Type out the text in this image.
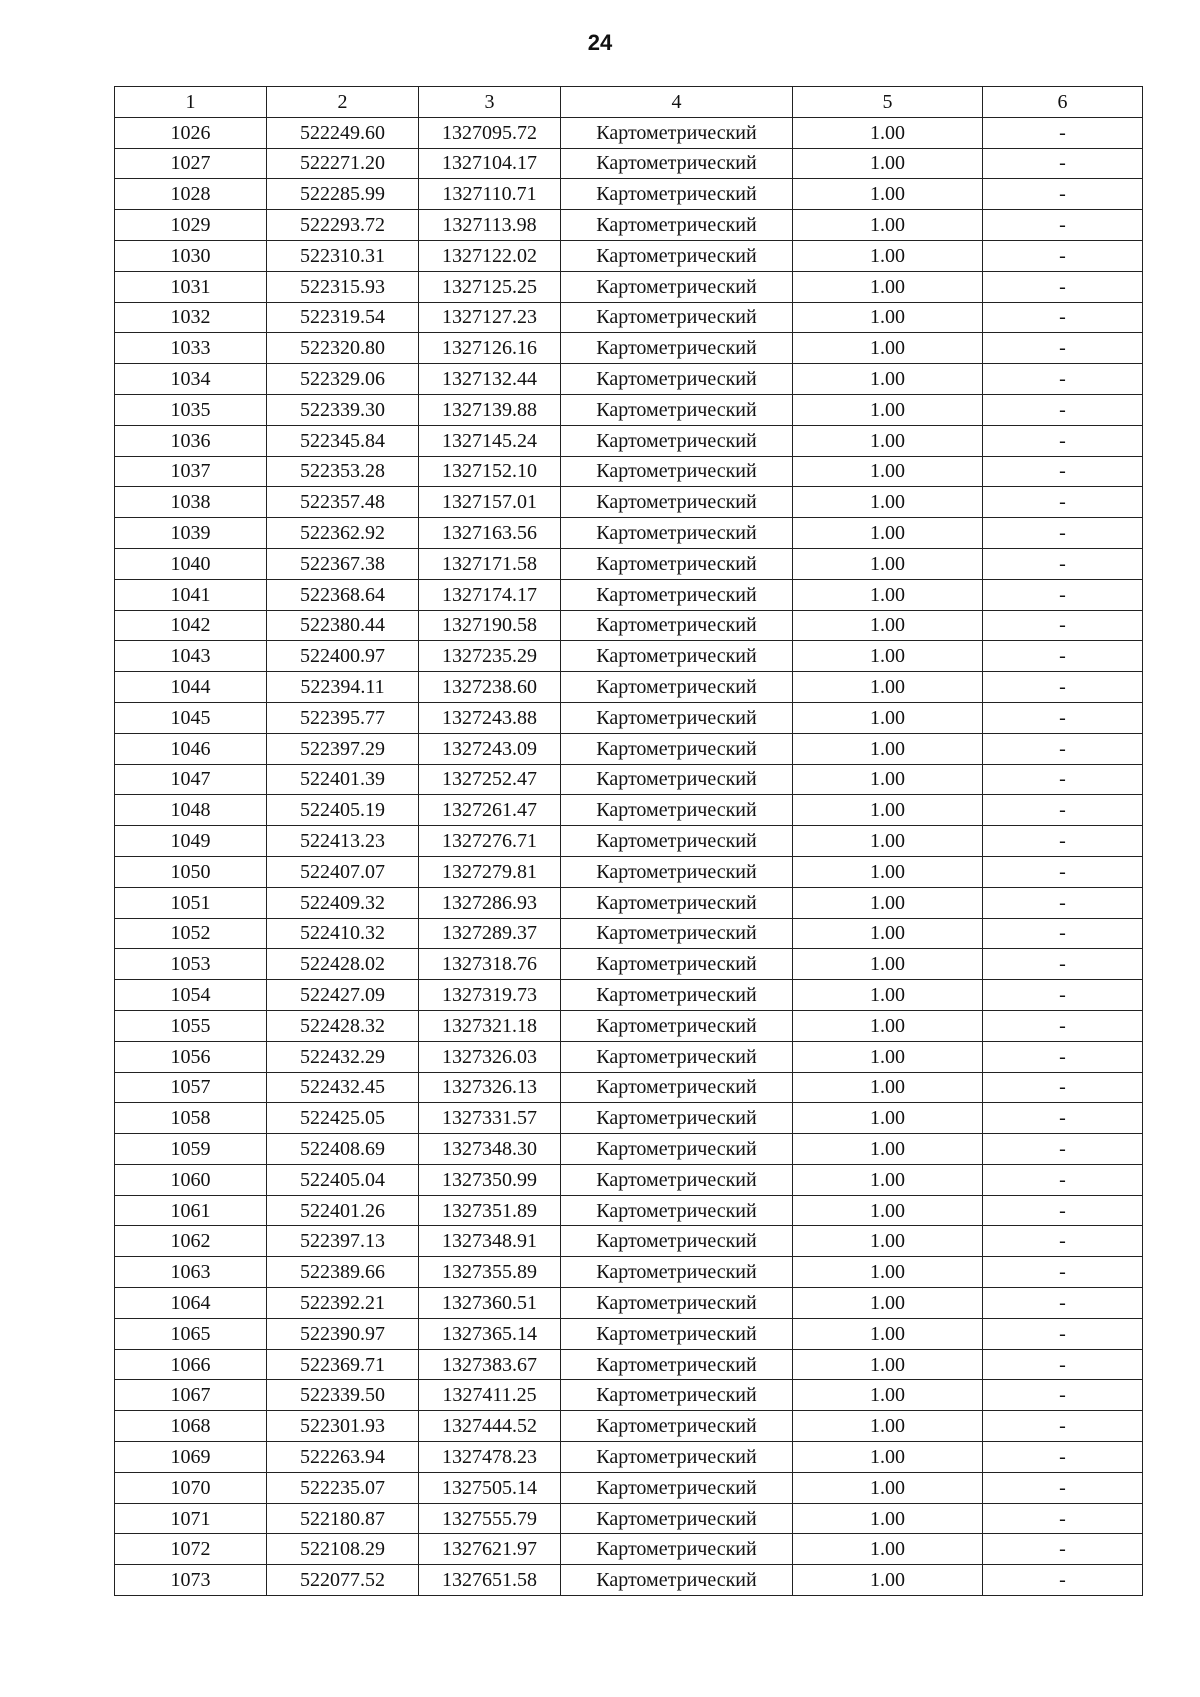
24
1	2	3	4	5	6
1026	522249.60	1327095.72	Картометрический	1.00	-
1027	522271.20	1327104.17	Картометрический	1.00	-
1028	522285.99	1327110.71	Картометрический	1.00	-
1029	522293.72	1327113.98	Картометрический	1.00	-
1030	522310.31	1327122.02	Картометрический	1.00	-
1031	522315.93	1327125.25	Картометрический	1.00	-
1032	522319.54	1327127.23	Картометрический	1.00	-
1033	522320.80	1327126.16	Картометрический	1.00	-
1034	522329.06	1327132.44	Картометрический	1.00	-
1035	522339.30	1327139.88	Картометрический	1.00	-
1036	522345.84	1327145.24	Картометрический	1.00	-
1037	522353.28	1327152.10	Картометрический	1.00	-
1038	522357.48	1327157.01	Картометрический	1.00	-
1039	522362.92	1327163.56	Картометрический	1.00	-
1040	522367.38	1327171.58	Картометрический	1.00	-
1041	522368.64	1327174.17	Картометрический	1.00	-
1042	522380.44	1327190.58	Картометрический	1.00	-
1043	522400.97	1327235.29	Картометрический	1.00	-
1044	522394.11	1327238.60	Картометрический	1.00	-
1045	522395.77	1327243.88	Картометрический	1.00	-
1046	522397.29	1327243.09	Картометрический	1.00	-
1047	522401.39	1327252.47	Картометрический	1.00	-
1048	522405.19	1327261.47	Картометрический	1.00	-
1049	522413.23	1327276.71	Картометрический	1.00	-
1050	522407.07	1327279.81	Картометрический	1.00	-
1051	522409.32	1327286.93	Картометрический	1.00	-
1052	522410.32	1327289.37	Картометрический	1.00	-
1053	522428.02	1327318.76	Картометрический	1.00	-
1054	522427.09	1327319.73	Картометрический	1.00	-
1055	522428.32	1327321.18	Картометрический	1.00	-
1056	522432.29	1327326.03	Картометрический	1.00	-
1057	522432.45	1327326.13	Картометрический	1.00	-
1058	522425.05	1327331.57	Картометрический	1.00	-
1059	522408.69	1327348.30	Картометрический	1.00	-
1060	522405.04	1327350.99	Картометрический	1.00	-
1061	522401.26	1327351.89	Картометрический	1.00	-
1062	522397.13	1327348.91	Картометрический	1.00	-
1063	522389.66	1327355.89	Картометрический	1.00	-
1064	522392.21	1327360.51	Картометрический	1.00	-
1065	522390.97	1327365.14	Картометрический	1.00	-
1066	522369.71	1327383.67	Картометрический	1.00	-
1067	522339.50	1327411.25	Картометрический	1.00	-
1068	522301.93	1327444.52	Картометрический	1.00	-
1069	522263.94	1327478.23	Картометрический	1.00	-
1070	522235.07	1327505.14	Картометрический	1.00	-
1071	522180.87	1327555.79	Картометрический	1.00	-
1072	522108.29	1327621.97	Картометрический	1.00	-
1073	522077.52	1327651.58	Картометрический	1.00	-
